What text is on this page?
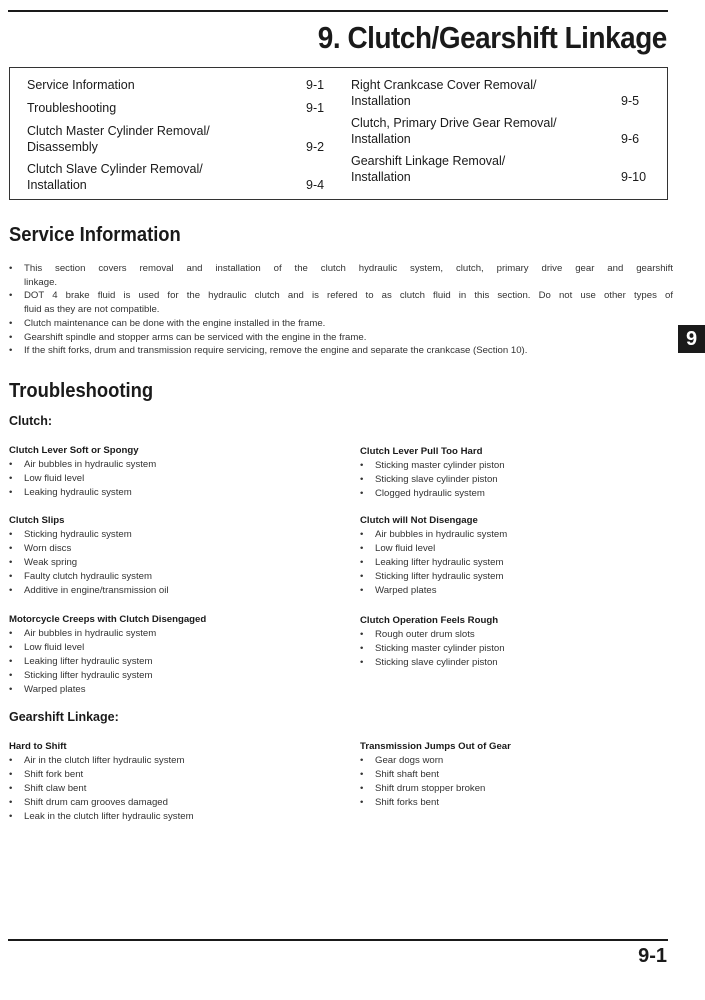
9. Clutch/Gearshift Linkage
Service Information	9-1
Troubleshooting	9-1
Clutch Master Cylinder Removal/
Disassembly	9-2
Clutch Slave Cylinder Removal/
Installation	9-4
Right Crankcase Cover Removal/
Installation	9-5
Clutch, Primary Drive Gear Removal/
Installation	9-6
Gearshift Linkage Removal/
Installation	9-10
Service Information
• This section covers removal and installation of the clutch hydraulic system, clutch, primary drive gear and gearshift
linkage.
• DOT 4 brake fluid is used for the hydraulic clutch and is refered to as clutch fluid in this section. Do not use other types of
fluid as they are not compatible.
• Clutch maintenance can be done with the engine installed in the frame.
• Gearshift spindle and stopper arms can be serviced with the engine in the frame.
• If the shift forks, drum and transmission require servicing, remove the engine and separate the crankcase (Section 10).
9
Troubleshooting
Clutch:
Clutch Lever Soft or Spongy
• Air bubbles in hydraulic system
• Low fluid level
• Leaking hydraulic system
Clutch Slips
• Sticking hydraulic system
• Worn discs
• Weak spring
• Faulty clutch hydraulic system
• Additive in engine/transmission oil
Motorcycle Creeps with Clutch Disengaged
• Air bubbles in hydraulic system
• Low fluid level
• Leaking lifter hydraulic system
• Sticking lifter hydraulic system
• Warped plates
Clutch Lever Pull Too Hard
• Sticking master cylinder piston
• Sticking slave cylinder piston
• Clogged hydraulic system
Clutch will Not Disengage
• Air bubbles in hydraulic system
• Low fluid level
• Leaking lifter hydraulic system
• Sticking lifter hydraulic system
• Warped plates
Clutch Operation Feels Rough
• Rough outer drum slots
• Sticking master cylinder piston
• Sticking slave cylinder piston
Gearshift Linkage:
Hard to Shift
• Air in the clutch lifter hydraulic system
• Shift fork bent
• Shift claw bent
• Shift drum cam grooves damaged
• Leak in the clutch lifter hydraulic system
Transmission Jumps Out of Gear
• Gear dogs worn
• Shift shaft bent
• Shift drum stopper broken
• Shift forks bent
9-1
